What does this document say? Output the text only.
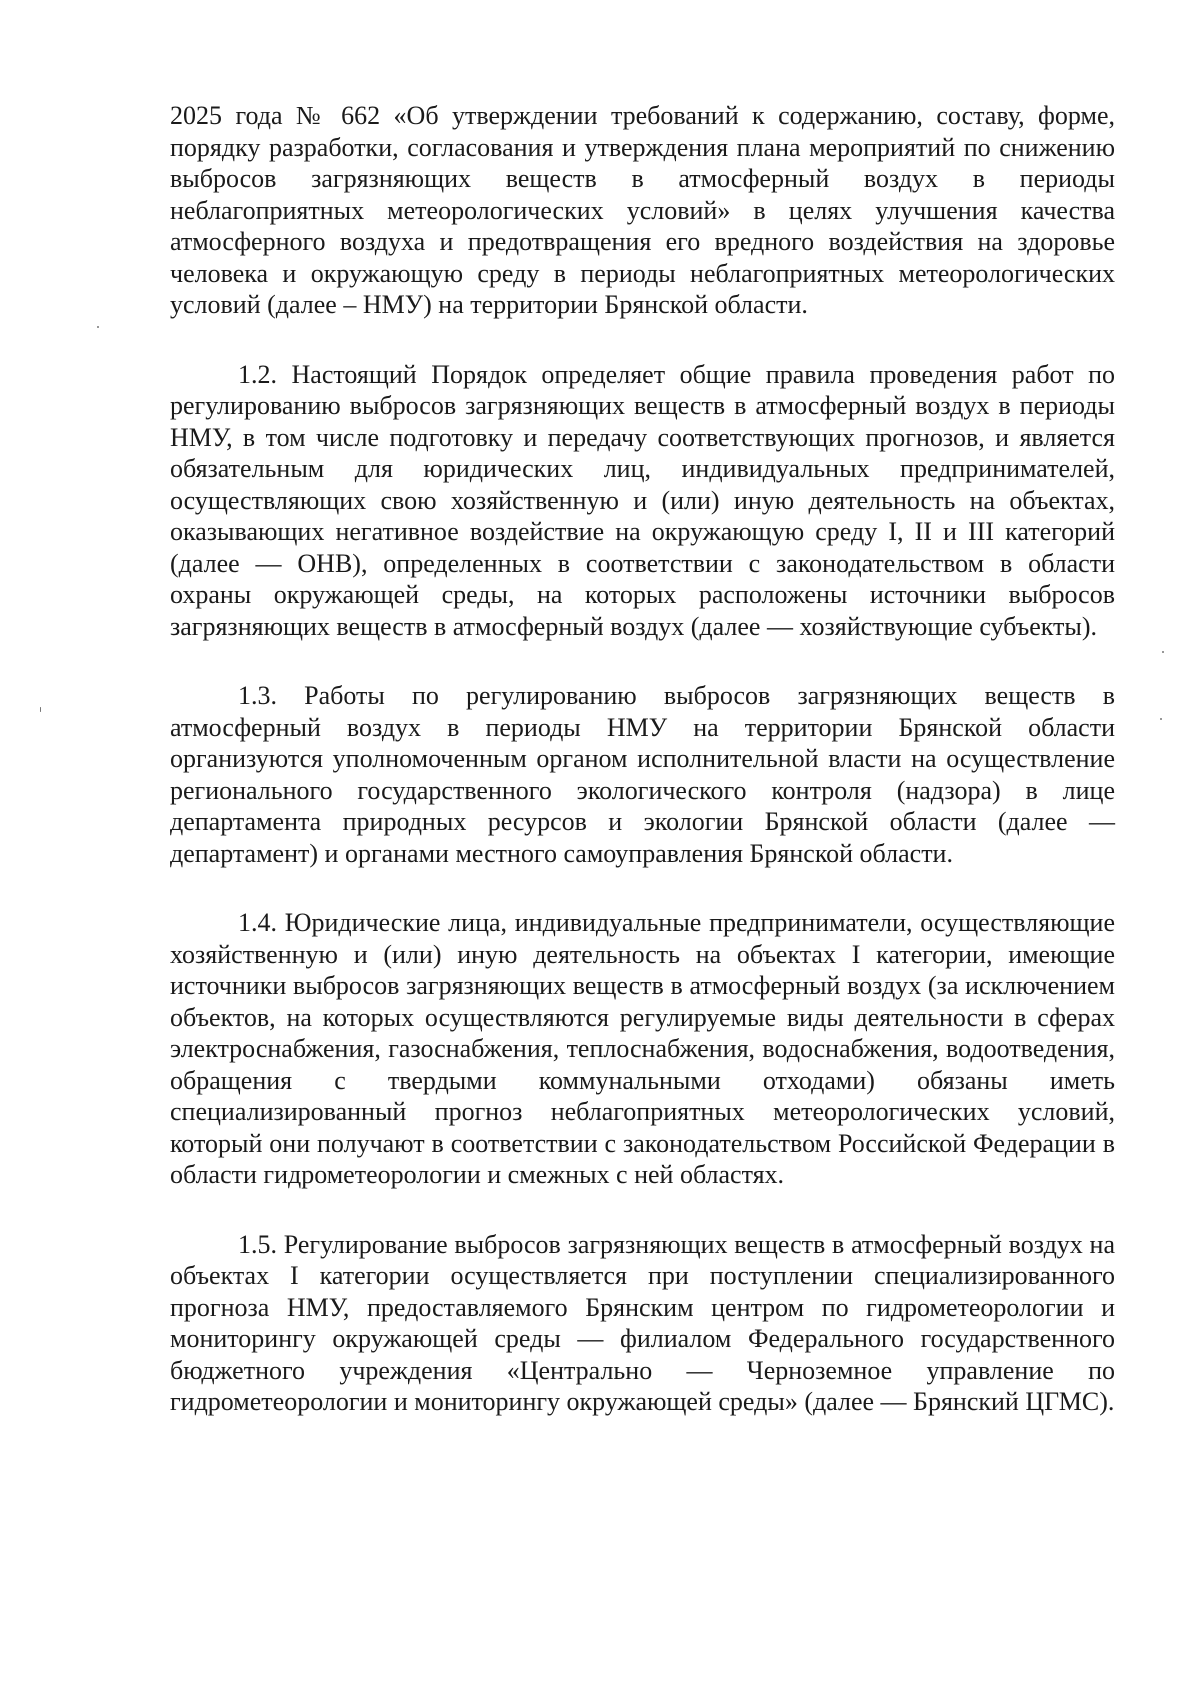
2025 года № 662 «Об утверждении требований к содержанию, составу, форме, порядку разработки, согласования и утверждения плана мероприятий по снижению выбросов загрязняющих веществ в атмосферный воздух в периоды неблагоприятных метеорологических условий» в целях улучшения качества атмосферного воздуха и предотвращения его вредного воздействия на здоровье человека и окружающую среду в периоды неблагоприятных метеорологических условий (далее – НМУ) на территории Брянской области.

1.2. Настоящий Порядок определяет общие правила проведения работ по регулированию выбросов загрязняющих веществ в атмосферный воздух в периоды НМУ, в том числе подготовку и передачу соответствующих прогнозов, и является обязательным для юридических лиц, индивидуальных предпринимателей, осуществляющих свою хозяйственную и (или) иную деятельность на объектах, оказывающих негативное воздействие на окружающую среду I, II и III категорий (далее — ОНВ), определенных в соответствии с законодательством в области охраны окружающей среды, на которых расположены источники выбросов загрязняющих веществ в атмосферный воздух (далее — хозяйствующие субъекты).

1.3. Работы по регулированию выбросов загрязняющих веществ в атмосферный воздух в периоды НМУ на территории Брянской области организуются уполномоченным органом исполнительной власти на осуществление регионального государственного экологического контроля (надзора) в лице департамента природных ресурсов и экологии Брянской области (далее — департамент) и органами местного самоуправления Брянской области.

1.4. Юридические лица, индивидуальные предприниматели, осуществляющие хозяйственную и (или) иную деятельность на объектах I категории, имеющие источники выбросов загрязняющих веществ в атмосферный воздух (за исключением объектов, на которых осуществляются регулируемые виды деятельности в сферах электроснабжения, газоснабжения, теплоснабжения, водоснабжения, водоотведения, обращения с твердыми коммунальными отходами) обязаны иметь специализированный прогноз неблагоприятных метеорологических условий, который они получают в соответствии с законодательством Российской Федерации в области гидрометеорологии и смежных с ней областях.

1.5. Регулирование выбросов загрязняющих веществ в атмосферный воздух на объектах I категории осуществляется при поступлении специализированного прогноза НМУ, предоставляемого Брянским центром по гидрометеорологии и мониторингу окружающей среды — филиалом Федерального государственного бюджетного учреждения «Центрально — Черноземное управление по гидрометеорологии и мониторингу окружающей среды» (далее — Брянский ЦГМС).
